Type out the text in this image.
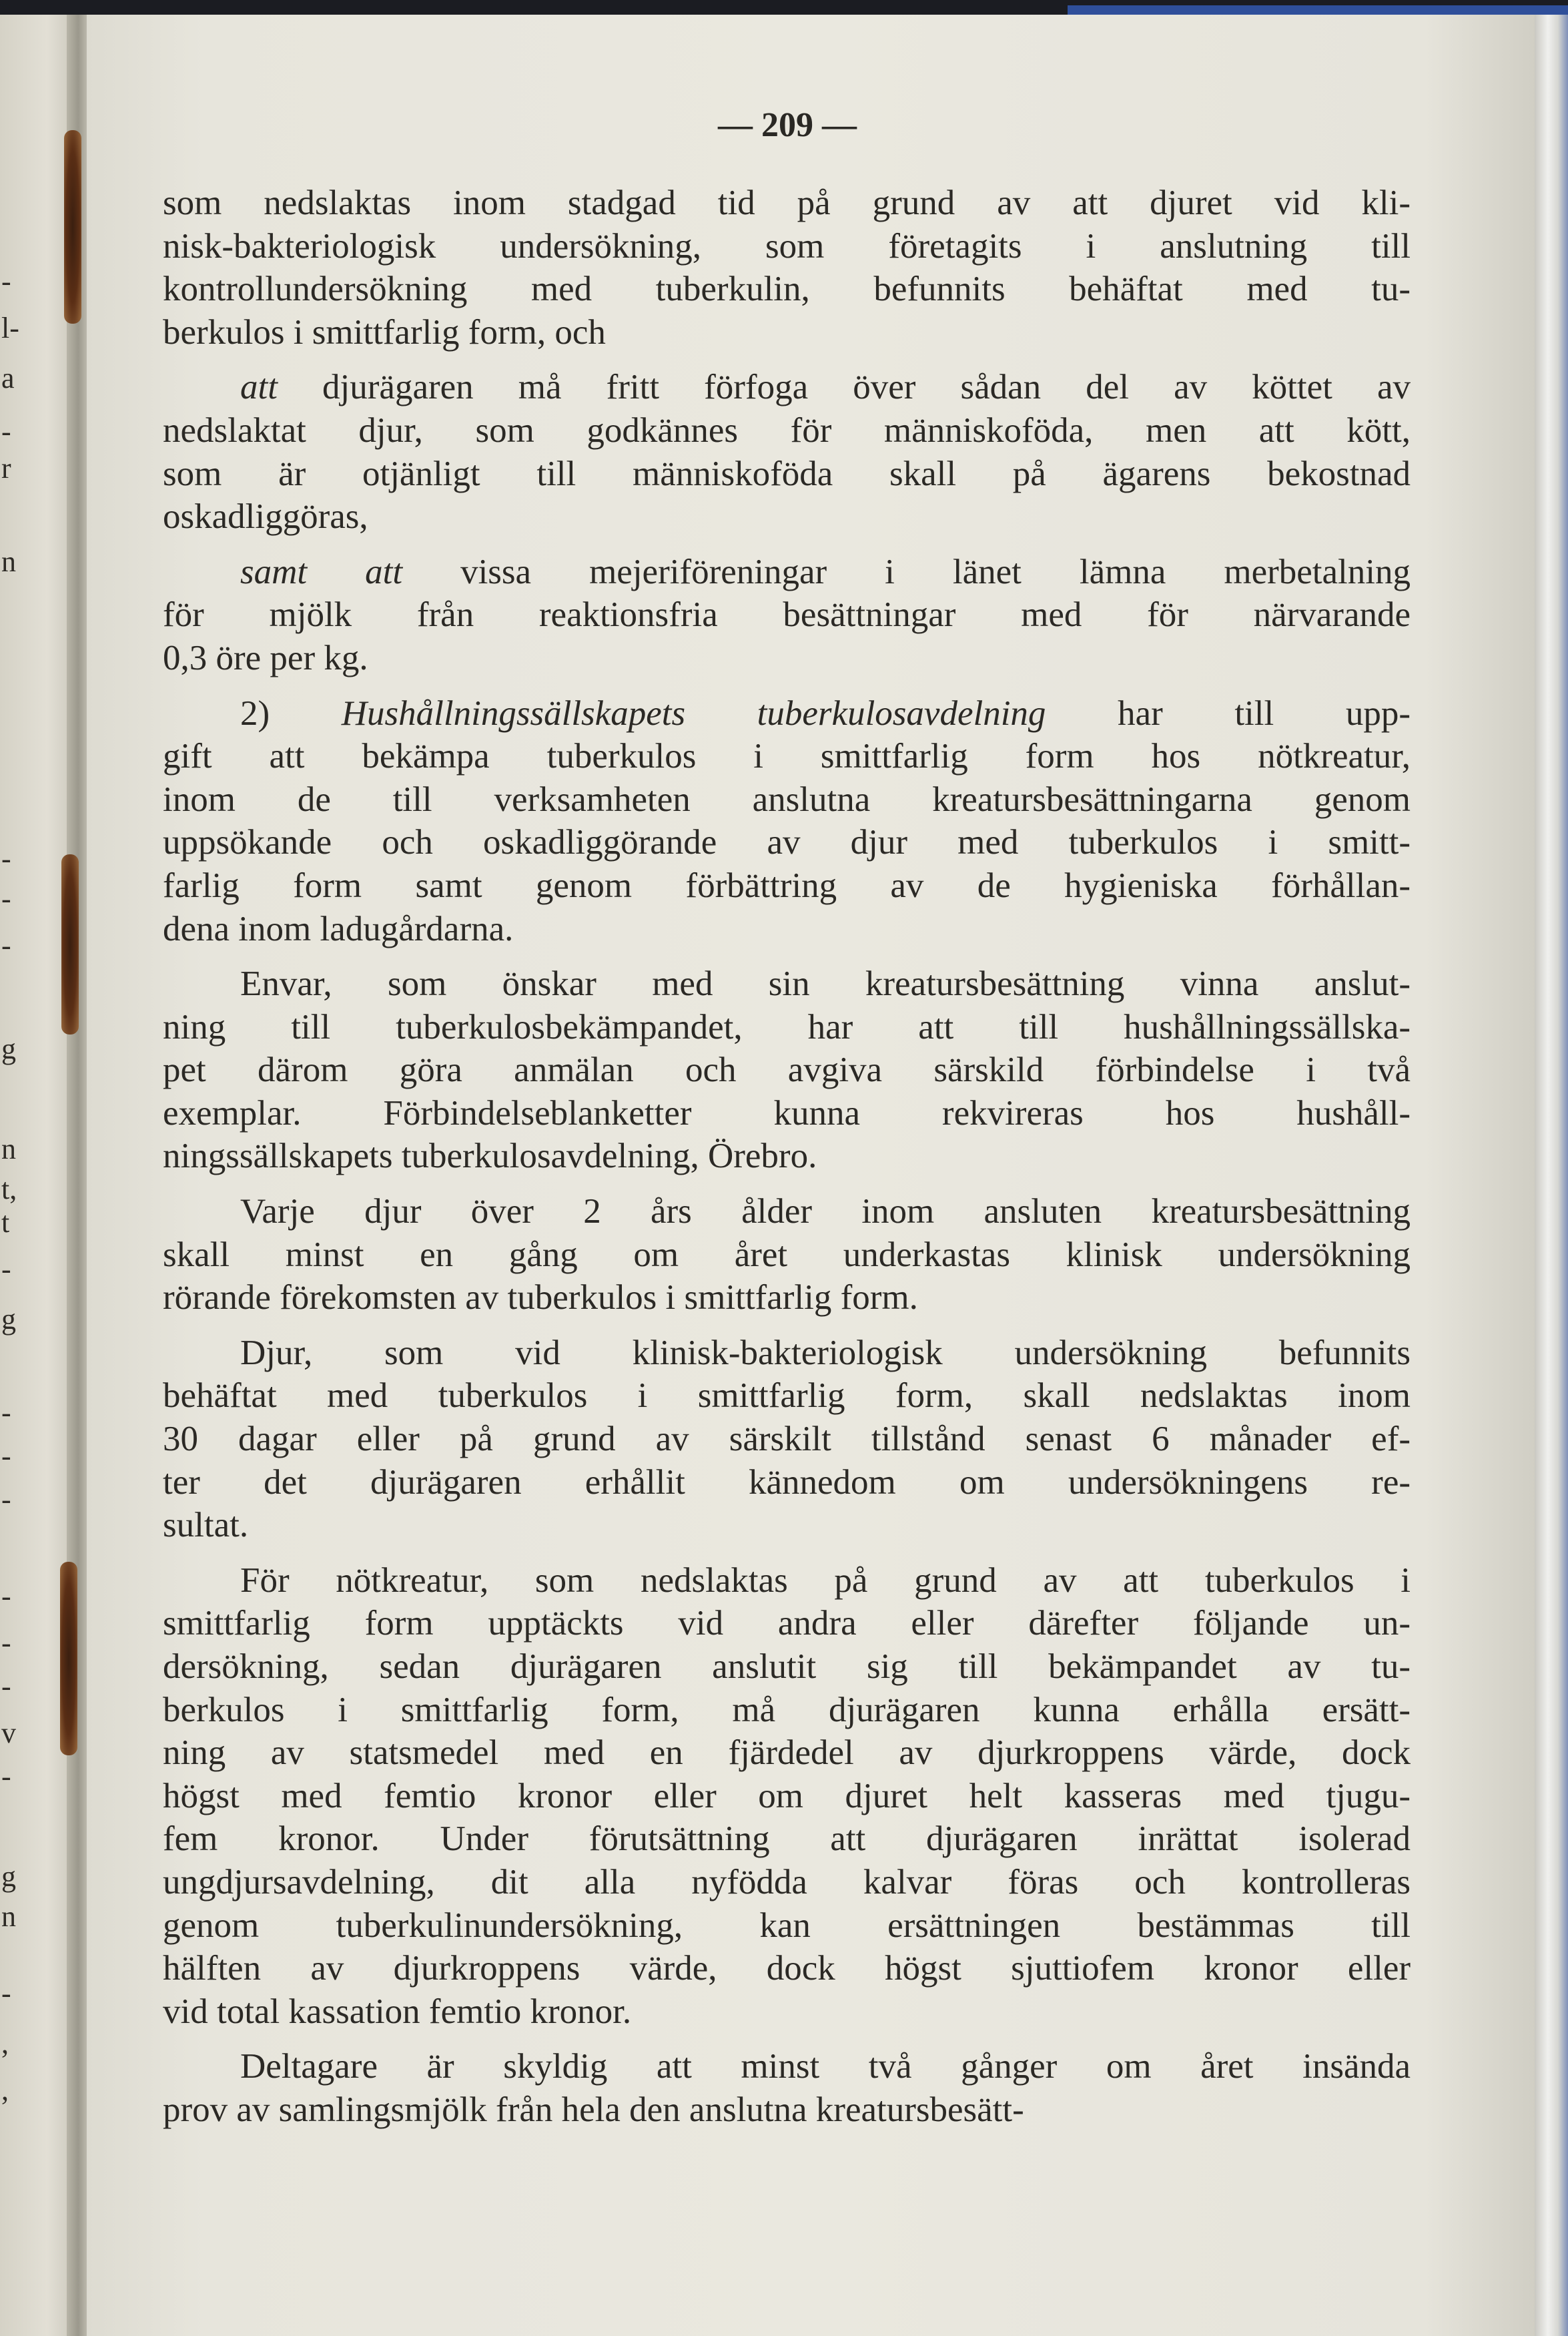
-
l-
a
-
r
n
-
-
-
g
n
t,
t
-
g
-
-
-
-
-
-
v
-
g
n
-
,
,
— 209 —

som nedslaktas inom stadgad tid på grund av att djuret vid kli-
nisk-bakteriologisk undersökning, som företagits i anslutning till
kontrollundersökning med tuberkulin, befunnits behäftat med tu-
berkulos i smittfarlig form, och

att djurägaren må fritt förfoga över sådan del av köttet av
nedslaktat djur, som godkännes för människoföda, men att kött,
som är otjänligt till människoföda skall på ägarens bekostnad
oskadliggöras,

samt att vissa mejeriföreningar i länet lämna merbetalning
för mjölk från reaktionsfria besättningar med för närvarande
0,3 öre per kg.

2) Hushållningssällskapets tuberkulosavdelning har till upp-
gift att bekämpa tuberkulos i smittfarlig form hos nötkreatur,
inom de till verksamheten anslutna kreatursbesättningarna genom
uppsökande och oskadliggörande av djur med tuberkulos i smitt-
farlig form samt genom förbättring av de hygieniska förhållan-
dena inom ladugårdarna.

Envar, som önskar med sin kreatursbesättning vinna anslut-
ning till tuberkulosbekämpandet, har att till hushållningssällska-
pet därom göra anmälan och avgiva särskild förbindelse i två
exemplar. Förbindelseblanketter kunna rekvireras hos hushåll-
ningssällskapets tuberkulosavdelning, Örebro.

Varje djur över 2 års ålder inom ansluten kreatursbesättning
skall minst en gång om året underkastas klinisk undersökning
rörande förekomsten av tuberkulos i smittfarlig form.

Djur, som vid klinisk-bakteriologisk undersökning befunnits
behäftat med tuberkulos i smittfarlig form, skall nedslaktas inom
30 dagar eller på grund av särskilt tillstånd senast 6 månader ef-
ter det djurägaren erhållit kännedom om undersökningens re-
sultat.

För nötkreatur, som nedslaktas på grund av att tuberkulos i
smittfarlig form upptäckts vid andra eller därefter följande un-
dersökning, sedan djurägaren anslutit sig till bekämpandet av tu-
berkulos i smittfarlig form, må djurägaren kunna erhålla ersätt-
ning av statsmedel med en fjärdedel av djurkroppens värde, dock
högst med femtio kronor eller om djuret helt kasseras med tjugu-
fem kronor. Under förutsättning att djurägaren inrättat isolerad
ungdjursavdelning, dit alla nyfödda kalvar föras och kontrolleras
genom tuberkulinundersökning, kan ersättningen bestämmas till
hälften av djurkroppens värde, dock högst sjuttiofem kronor eller
vid total kassation femtio kronor.

Deltagare är skyldig att minst två gånger om året insända
prov av samlingsmjölk från hela den anslutna kreatursbesätt-
